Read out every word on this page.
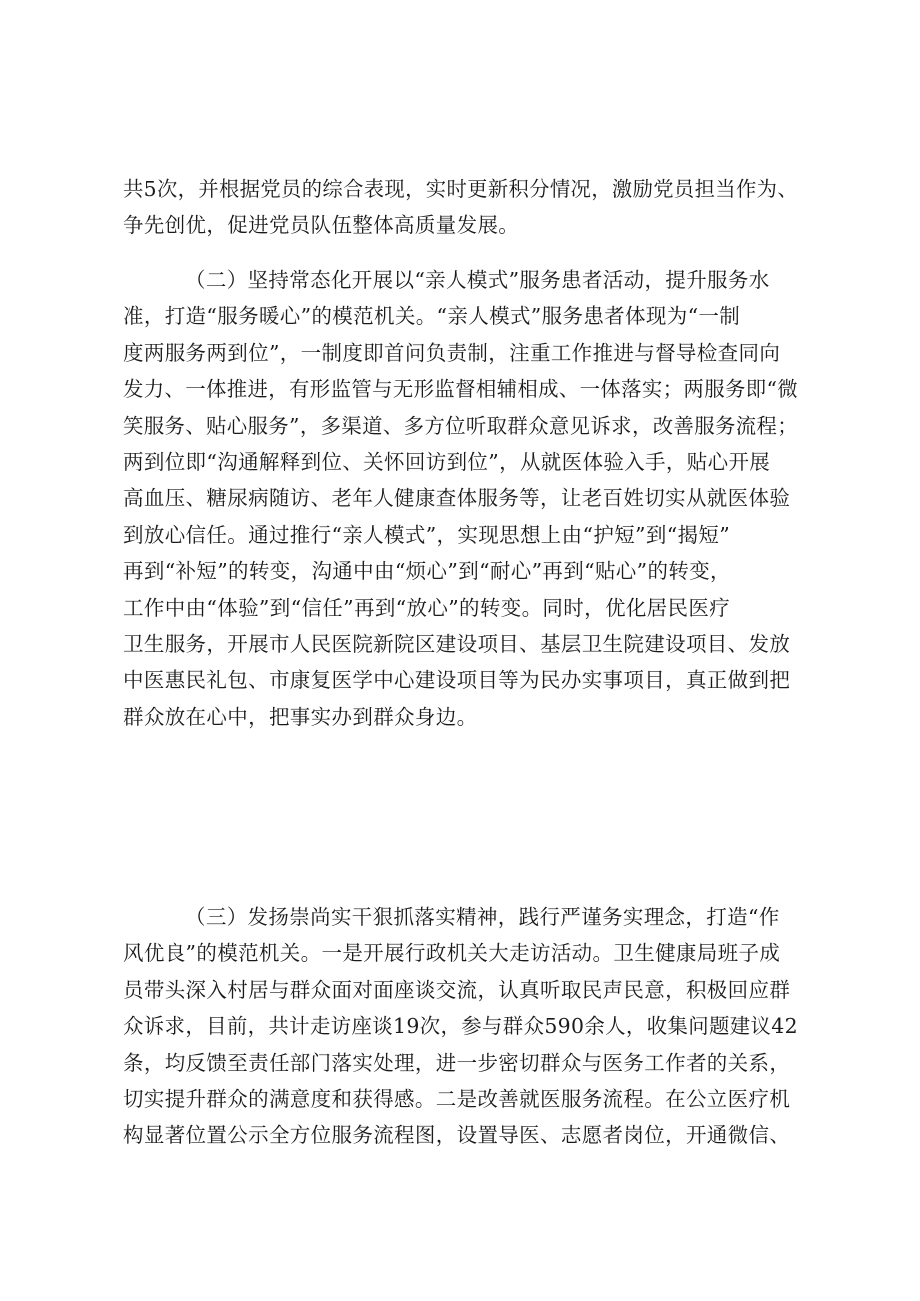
共5次，并根据党员的综合表现，实时更新积分情况，激励党员担当作为、
争先创优，促进党员队伍整体高质量发展。
（二）坚持常态化开展以“亲人模式”服务患者活动，提升服务水
准，打造“服务暖心”的模范机关。“亲人模式”服务患者体现为“一制
度两服务两到位”，一制度即首问负责制，注重工作推进与督导检查同向
发力、一体推进，有形监管与无形监督相辅相成、一体落实；两服务即“微
笑服务、贴心服务”，多渠道、多方位听取群众意见诉求，改善服务流程；
两到位即“沟通解释到位、关怀回访到位”，从就医体验入手，贴心开展
高血压、糖尿病随访、老年人健康查体服务等，让老百姓切实从就医体验
到放心信任。通过推行“亲人模式”，实现思想上由“护短”到“揭短”
再到“补短”的转变，沟通中由“烦心”到“耐心”再到“贴心”的转变，
工作中由“体验”到“信任”再到“放心”的转变。同时，优化居民医疗
卫生服务，开展市人民医院新院区建设项目、基层卫生院建设项目、发放
中医惠民礼包、市康复医学中心建设项目等为民办实事项目，真正做到把
群众放在心中，把事实办到群众身边。
（三）发扬崇尚实干狠抓落实精神，践行严谨务实理念，打造“作
风优良”的模范机关。一是开展行政机关大走访活动。卫生健康局班子成
员带头深入村居与群众面对面座谈交流，认真听取民声民意，积极回应群
众诉求，目前，共计走访座谈19次，参与群众590余人，收集问题建议42
条，均反馈至责任部门落实处理，进一步密切群众与医务工作者的关系，
切实提升群众的满意度和获得感。二是改善就医服务流程。在公立医疗机
构显著位置公示全方位服务流程图，设置导医、志愿者岗位，开通微信、
